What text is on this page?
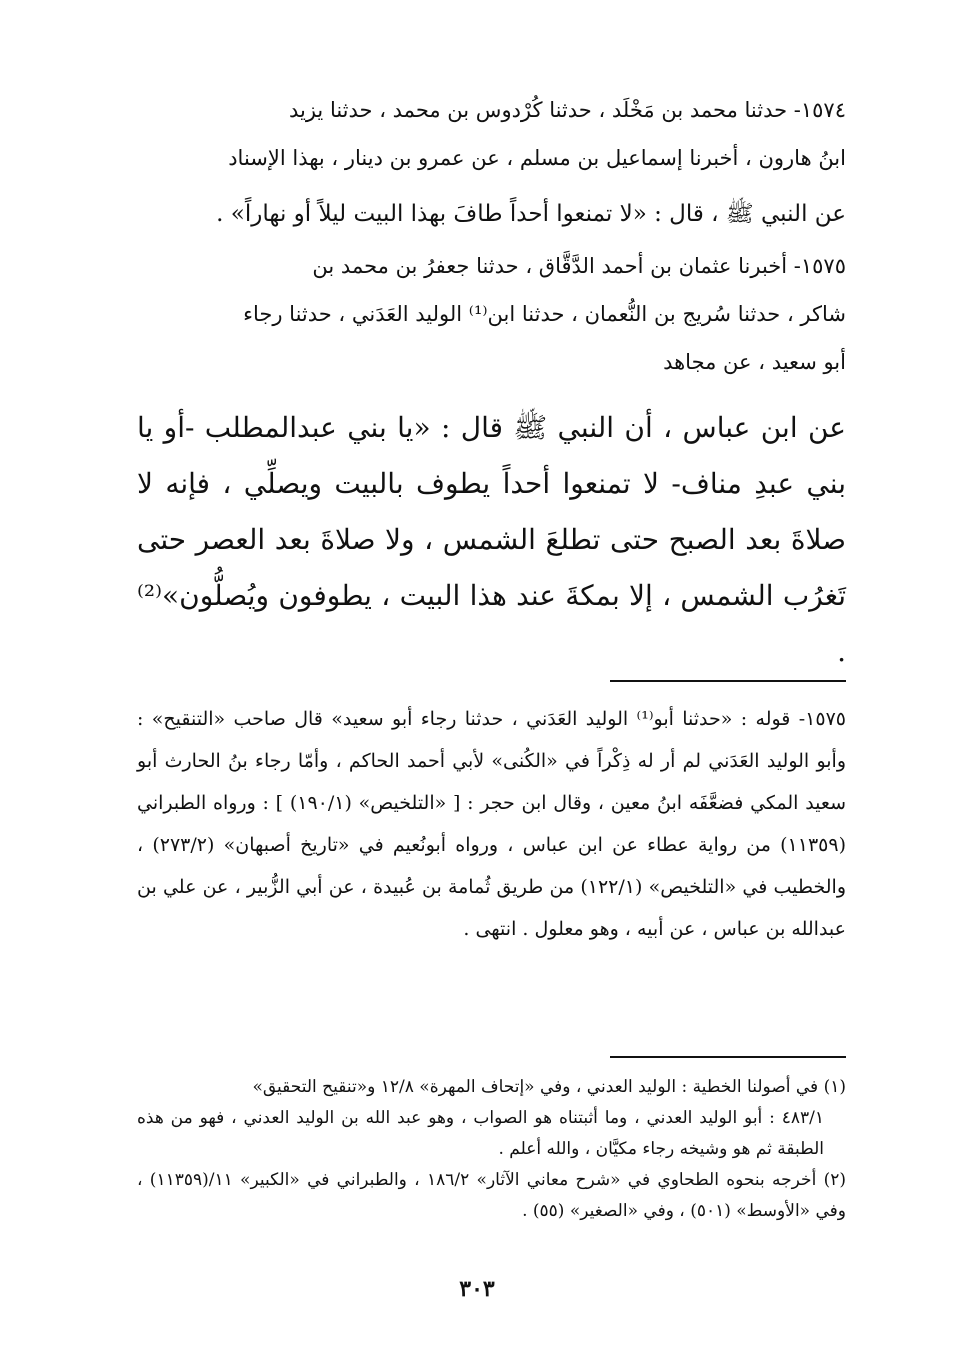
١٥٧٤- حدثنا محمد بن مَخْلَد ، حدثنا كُرْدوس بن محمد ، حدثنا يزيد

ابنُ هارون ، أخبرنا إسماعيل بن مسلم ، عن عمرو بن دينار ، بهذا الإسناد

عن النبي ﷺ ، قال : «لا تمنعوا أحداً طافَ بهذا البيت ليلاً أو نهاراً» .

١٥٧٥- أخبرنا عثمان بن أحمد الدَّقَّاق ، حدثنا جعفرُ بن محمد بن

شاكر ، حدثنا سُريج بن النُّعمان ، حدثنا ابن⁽¹⁾ الوليد العَدَني ، حدثنا رجاء

أبو سعيد ، عن مجاهد

عن ابن عباس ، أن النبي ﷺ قال : «يا بني عبدالمطلب -أو يا بني عبدِ مناف- لا تمنعوا أحداً يطوف بالبيت ويصلِّي ، فإنه لا صلاةَ بعد الصبح حتى تطلعَ الشمس ، ولا صلاةَ بعد العصر حتى تَغرُب الشمس ، إلا بمكةَ عند هذا البيت ، يطوفون ويُصلُّون»⁽²⁾ .

١٥٧٥- قوله : «حدثنا أبو⁽¹⁾ الوليد العَدَني ، حدثنا رجاء أبو سعيد» قال صاحب «التنقيح» : وأبو الوليد العَدَني لم أر له ذِكْراً في «الكُنى» لأبي أحمد الحاكم ، وأمّا رجاء بنُ الحارث أبو سعيد المكي فضعَّفَه ابنُ معين ، وقال ابن حجر : [ «التلخيص» (١٩٠/١) ] : ورواه الطبراني (١١٣٥٩) من رواية عطاء عن ابن عباس ، ورواه أبونُعيم في «تاريخ أصبهان» (٢٧٣/٢) ، والخطيب في «التلخيص» (١٢٢/١) من طريق ثُمامة بن عُبيدة ، عن أبي الزُّبير ، عن علي بن عبدالله بن عباس ، عن أبيه ، وهو معلول . انتهى .

(١) في أصولنا الخطية : الوليد العدني ، وفي «إتحاف المهرة» ١٢/٨ و«تنقيح التحقيق»

٤٨٣/١ : أبو الوليد العدني ، وما أثبتناه هو الصواب ، وهو عبد الله بن الوليد العدني ، فهو من هذه الطبقة ثم هو وشيخه رجاء مكيَّان ، والله أعلم .

(٢) أخرجه بنحوه الطحاوي في «شرح معاني الآثار» ١٨٦/٢ ، والطبراني في «الكبير» ١١/(١١٣٥٩) ، وفي «الأوسط» (٥٠١) ، وفي «الصغير» (٥٥) .

٣٠٣
